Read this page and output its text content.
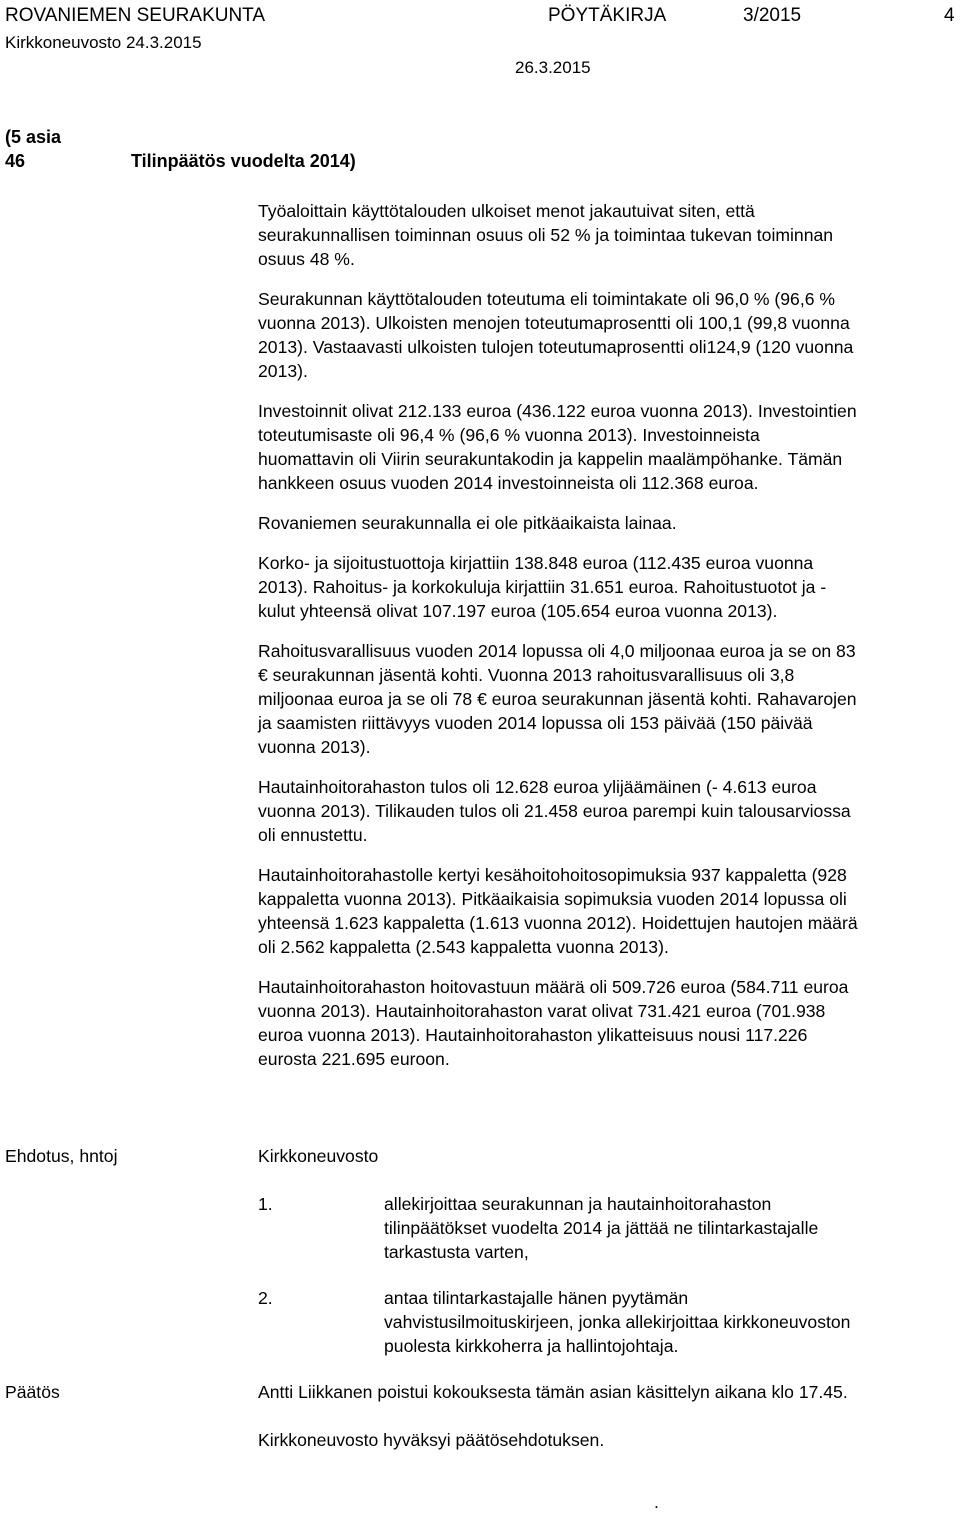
ROVANIEMEN SEURAKUNTA	PÖYTÄKIRJA	3/2015	4
Kirkkoneuvosto 24.3.2015
26.3.2015
(5 asia
46	Tilinpäätös vuodelta 2014)

Työaloittain käyttötalouden ulkoiset menot jakautuivat siten, että
seurakunnallisen toiminnan osuus oli 52 % ja toimintaa tukevan toiminnan
osuus 48 %.

Seurakunnan käyttötalouden toteutuma eli toimintakate oli 96,0 % (96,6 %
vuonna 2013). Ulkoisten menojen toteutumaprosentti oli 100,1 (99,8 vuonna
2013). Vastaavasti ulkoisten tulojen toteutumaprosentti oli124,9 (120 vuonna
2013).

Investoinnit olivat 212.133 euroa (436.122 euroa vuonna 2013). Investointien
toteutumisaste oli 96,4 % (96,6 % vuonna 2013). Investoinneista
huomattavin oli Viirin seurakuntakodin ja kappelin maalämpöhanke. Tämän
hankkeen osuus vuoden 2014 investoinneista oli 112.368 euroa.

Rovaniemen seurakunnalla ei ole pitkäaikaista lainaa.

Korko- ja sijoitustuottoja kirjattiin 138.848 euroa (112.435 euroa vuonna
2013). Rahoitus- ja korkokuluja kirjattiin 31.651 euroa. Rahoitustuotot ja -
kulut yhteensä olivat 107.197 euroa (105.654 euroa vuonna 2013).

Rahoitusvarallisuus vuoden 2014 lopussa oli 4,0 miljoonaa euroa ja se on 83
€ seurakunnan jäsentä kohti. Vuonna 2013 rahoitusvarallisuus oli 3,8
miljoonaa euroa ja se oli 78 € euroa seurakunnan jäsentä kohti. Rahavarojen
ja saamisten riittävyys vuoden 2014 lopussa oli 153 päivää (150 päivää
vuonna 2013).

Hautainhoitorahaston tulos oli 12.628 euroa ylijäämäinen (- 4.613 euroa
vuonna 2013). Tilikauden tulos oli 21.458 euroa parempi kuin talousarviossa
oli ennustettu.

Hautainhoitorahastolle kertyi kesähoitohoitosopimuksia 937 kappaletta (928
kappaletta vuonna 2013). Pitkäaikaisia sopimuksia vuoden 2014 lopussa oli
yhteensä 1.623 kappaletta (1.613 vuonna 2012). Hoidettujen hautojen määrä
oli 2.562 kappaletta (2.543 kappaletta vuonna 2013).

Hautainhoitorahaston hoitovastuun määrä oli 509.726 euroa (584.711 euroa
vuonna 2013). Hautainhoitorahaston varat olivat 731.421 euroa (701.938
euroa vuonna 2013). Hautainhoitorahaston ylikatteisuus nousi 117.226
eurosta 221.695 euroon.

Ehdotus, hntoj	Kirkkoneuvosto
1.	allekirjoittaa seurakunnan ja hautainhoitorahaston
tilinpäätökset vuodelta 2014 ja jättää ne tilintarkastajalle
tarkastusta varten,
2.	antaa tilintarkastajalle hänen pyytämän
vahvistusilmoituskirjeen, jonka allekirjoittaa kirkkoneuvoston
puolesta kirkkoherra ja hallintojohtaja.
Päätös	Antti Liikkanen poistui kokouksesta tämän asian käsittelyn aikana klo 17.45.
Kirkkoneuvosto hyväksyi päätösehdotuksen.
.
